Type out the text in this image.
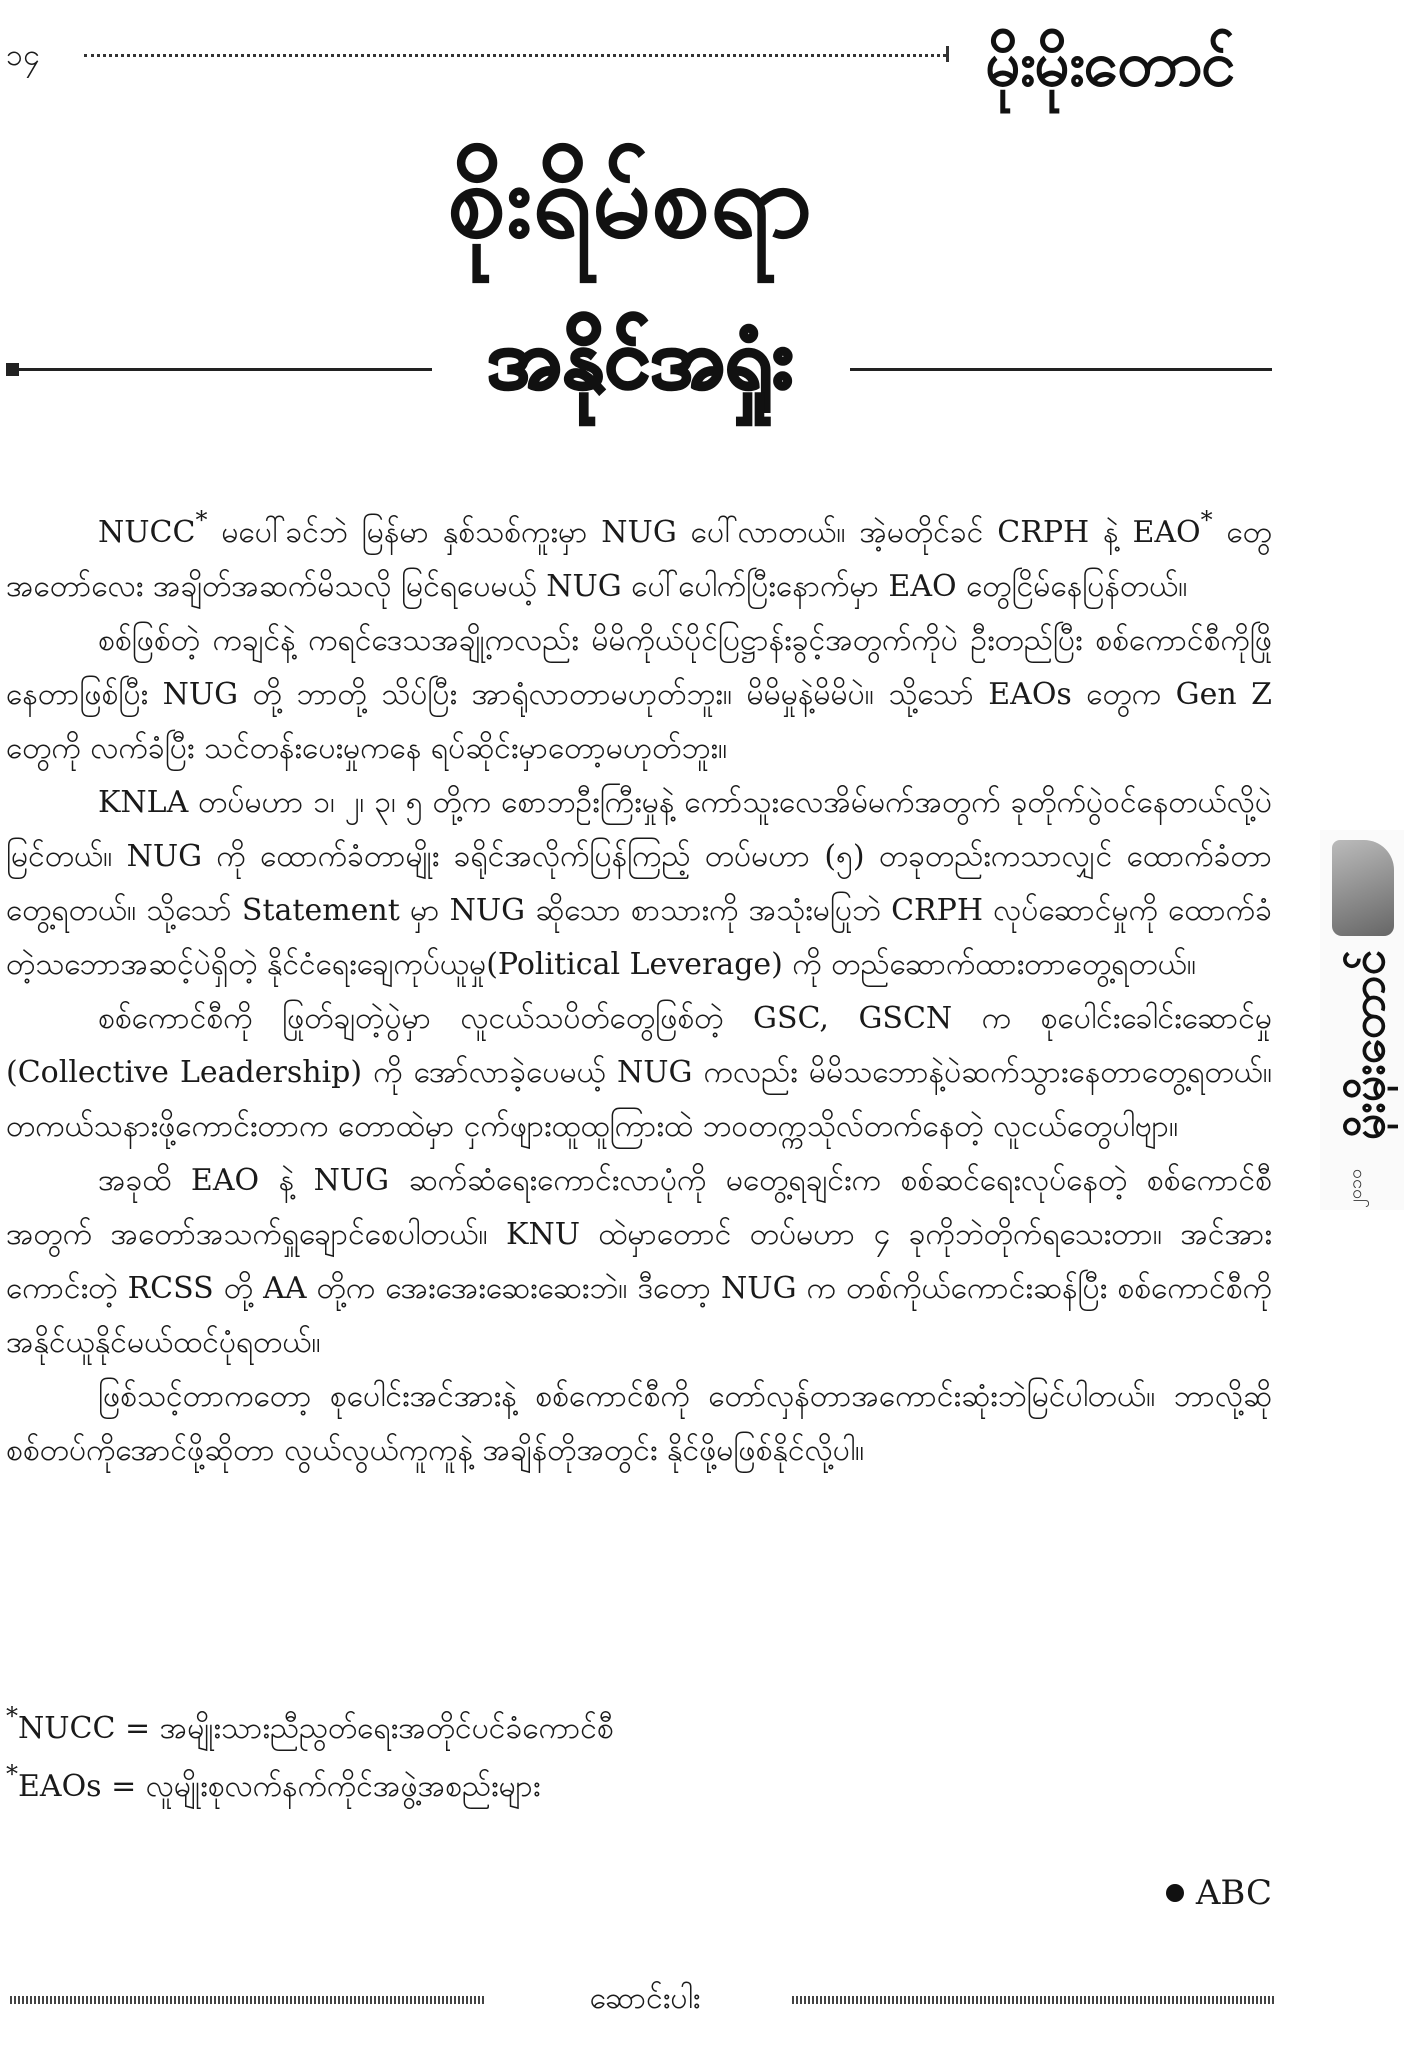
၁၄	မိုးမိုးတောင်
စိုးရိမ်စရာ
အနိုင်အရှုံး

NUCC* မပေါ်ခင်ဘဲ မြန်မာ နှစ်သစ်ကူးမှာ NUG ပေါ်လာတယ်။ အဲ့မတိုင်ခင် CRPH နဲ့ EAO* တွေ အတော်လေး အချိတ်အဆက်မိသလို မြင်ရပေမယ့် NUG ပေါ်ပေါက်ပြီးနောက်မှာ EAO တွေငြိမ်နေပြန်တယ်။

စစ်ဖြစ်တဲ့ ကချင်နဲ့ ကရင်ဒေသအချို့ကလည်း မိမိကိုယ်ပိုင်ပြဋ္ဌာန်းခွင့်အတွက်ကိုပဲ ဦးတည်ပြီး စစ်ကောင်စီကိုဖြိုနေတာဖြစ်ပြီး NUG တို့ ဘာတို့ သိပ်ပြီး အာရုံလာတာမဟုတ်ဘူး။ မိမိမှုနဲ့မိမိပဲ။ သို့သော် EAOs တွေက Gen Z တွေကို လက်ခံပြီး သင်တန်းပေးမှုကနေ ရပ်ဆိုင်းမှာတော့မဟုတ်ဘူး။

KNLA တပ်မဟာ ၁၊ ၂၊ ၃၊ ၅ တို့က စောဘဦးကြီးမှုနဲ့ ကော်သူးလေအိမ်မက်အတွက် ခုတိုက်ပွဲဝင်နေတယ်လို့ပဲမြင်တယ်။ NUG ကို ထောက်ခံတာမျိုး ခရိုင်အလိုက်ပြန်ကြည့် တပ်မဟာ (၅) တခုတည်းကသာလျှင် ထောက်ခံတာတွေ့ရတယ်။ သို့သော် Statement မှာ NUG ဆိုသော စာသားကို အသုံးမပြုဘဲ CRPH လုပ်ဆောင်မှုကို ထောက်ခံတဲ့သဘောအဆင့်ပဲရှိတဲ့ နိုင်ငံရေးချေကုပ်ယူမှု(Political Leverage) ကို တည်ဆောက်ထားတာတွေ့ရတယ်။

စစ်ကောင်စီကို ဖြုတ်ချတဲ့ပွဲမှာ လူငယ်သပိတ်တွေဖြစ်တဲ့ GSC, GSCN က စုပေါင်းခေါင်းဆောင်မှု (Collective Leadership) ကို အော်လာခဲ့ပေမယ့် NUG ကလည်း မိမိသဘောနဲ့ပဲဆက်သွားနေတာတွေ့ရတယ်။ တကယ်သနားဖို့ကောင်းတာက တောထဲမှာ ငှက်ဖျားထူထူကြားထဲ ဘဝတက္ကသိုလ်တက်နေတဲ့ လူငယ်တွေပါဗျာ။

အခုထိ EAO နဲ့ NUG ဆက်ဆံရေးကောင်းလာပုံကို မတွေ့ရချင်းက စစ်ဆင်ရေးလုပ်နေတဲ့ စစ်ကောင်စီအတွက် အတော်အသက်ရှူချောင်စေပါတယ်။ KNU ထဲမှာတောင် တပ်မဟာ ၄ ခုကိုဘဲတိုက်ရသေးတာ။ အင်အားကောင်းတဲ့ RCSS တို့ AA တို့က အေးအေးဆေးဆေးဘဲ။ ဒီတော့ NUG က တစ်ကိုယ်ကောင်းဆန်ပြီး စစ်ကောင်စီကို အနိုင်ယူနိုင်မယ်ထင်ပုံရတယ်။

ဖြစ်သင့်တာကတော့ စုပေါင်းအင်အားနဲ့ စစ်ကောင်စီကို တော်လှန်တာအကောင်းဆုံးဘဲမြင်ပါတယ်။ ဘာလို့ဆို စစ်တပ်ကိုအောင်ဖို့ဆိုတာ လွယ်လွယ်ကူကူနဲ့ အချိန်တိုအတွင်း နိုင်ဖို့မဖြစ်နိုင်လို့ပါ။

*NUCC = အမျိုးသားညီညွတ်ရေးအတိုင်ပင်ခံကောင်စီ
*EAOs = လူမျိုးစုလက်နက်ကိုင်အဖွဲ့အစည်းများ
ABC
ဆောင်းပါး
မိုးမိုးတောင်
၂၀၁၀
